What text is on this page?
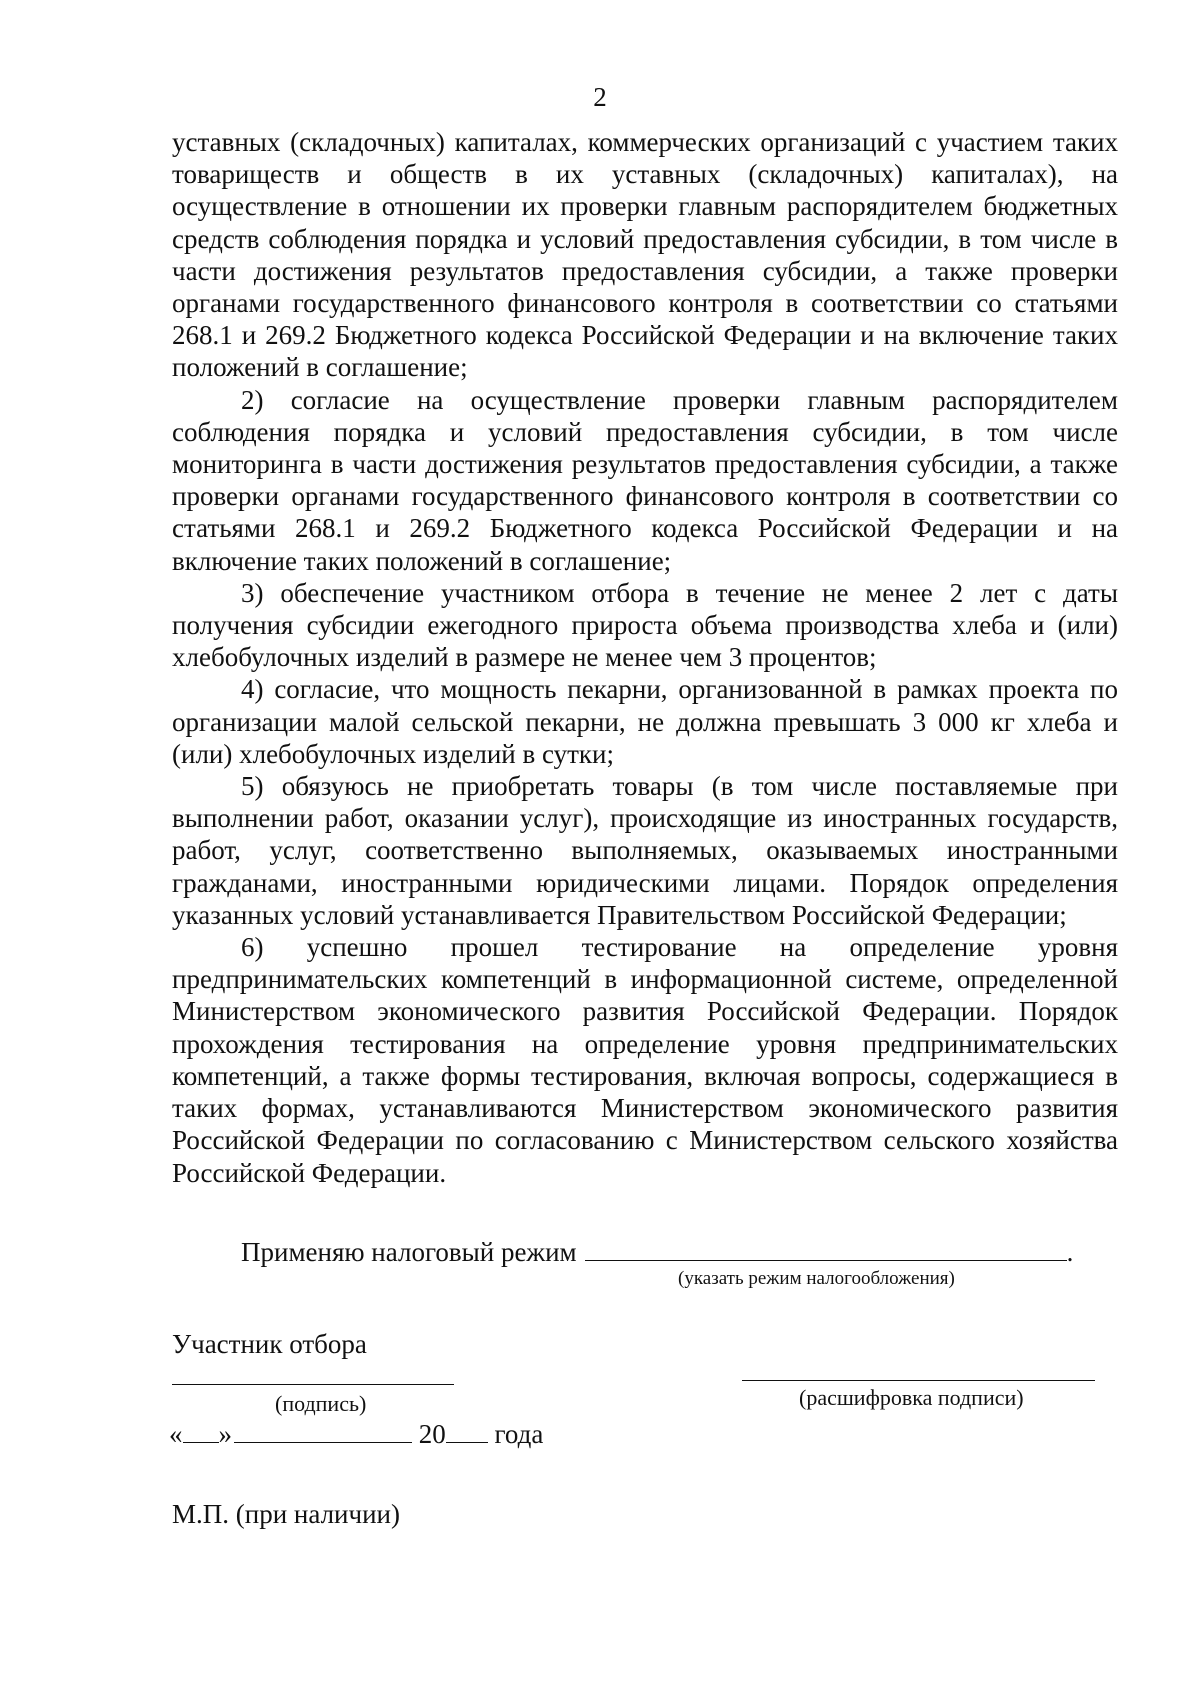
2

уставных (складочных) капиталах, коммерческих организаций с участием таких товариществ и обществ в их уставных (складочных) капиталах), на осуществление в отношении их проверки главным распорядителем бюджетных средств соблюдения порядка и условий предоставления субсидии, в том числе в части достижения результатов предоставления субсидии, а также проверки органами государственного финансового контроля в соответствии со статьями 268.1 и 269.2 Бюджетного кодекса Российской Федерации и на включение таких положений в соглашение;

2) согласие на осуществление проверки главным распорядителем соблюдения порядка и условий предоставления субсидии, в том числе мониторинга в части достижения результатов предоставления субсидии, а также проверки органами государственного финансового контроля в соответствии со статьями 268.1 и 269.2 Бюджетного кодекса Российской Федерации и на включение таких положений в соглашение;

3) обеспечение участником отбора в течение не менее 2 лет с даты получения субсидии ежегодного прироста объема производства хлеба и (или) хлебобулочных изделий в размере не менее чем 3 процентов;

4) согласие, что мощность пекарни, организованной в рамках проекта по организации малой сельской пекарни, не должна превышать 3 000 кг хлеба и (или) хлебобулочных изделий в сутки;

5) обязуюсь не приобретать товары (в том числе поставляемые при выполнении работ, оказании услуг), происходящие из иностранных государств, работ, услуг, соответственно выполняемых, оказываемых иностранными гражданами, иностранными юридическими лицами. Порядок определения указанных условий устанавливается Правительством Российской Федерации;

6) успешно прошел тестирование на определение уровня предпринимательских компетенций в информационной системе, определенной Министерством экономического развития Российской Федерации. Порядок прохождения тестирования на определение уровня предпринимательских компетенций, а также формы тестирования, включая вопросы, содержащиеся в таких формах, устанавливаются Министерством экономического развития Российской Федерации по согласованию с Министерством сельского хозяйства Российской Федерации.

Применяю налоговый режим	.
(указать режим налогообложения)
Участник отбора
(подпись)	(расшифровка подписи)
« »	20 года
М.П. (при наличии)
